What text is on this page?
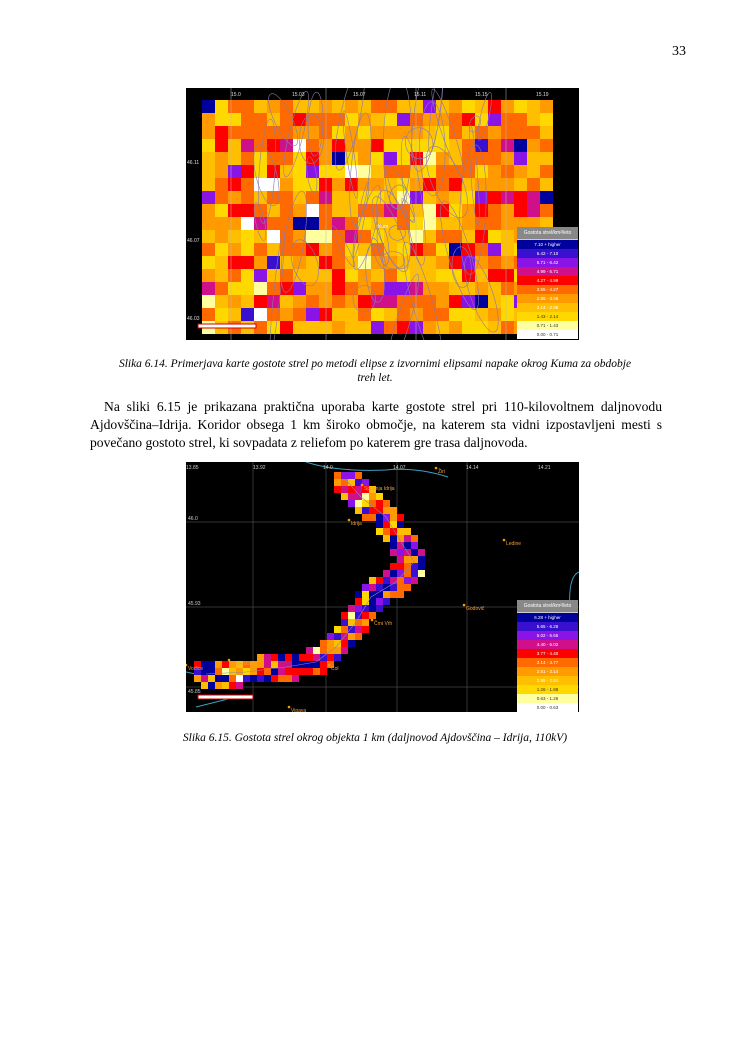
33
15.0	15.03	15.07	15.11	15.15	15.19
46.11
46.07
46.03
Kum
Gostota strel/km²/leto
7.10 + higher
6.42 - 7.10
5.71 - 6.42
4.99 - 5.71
4.27 - 4.99
3.55 - 4.27
2.85 - 3.55
2.14 - 2.85
1.43 - 2.14
0.71 - 1.43
0.00 - 0.71
Slika 6.14. Primerjava karte gostote strel po metodi elipse z izvornimi elipsami napake okrog Kuma za obdobje treh let.
Na sliki 6.15 je prikazana praktična uporaba karte gostote strel pri 110-kilovoltnem daljnovodu Ajdovščina–Idrija. Koridor obsega 1 km široko območje, na katerem sta vidni izpostavljeni mesti s povečano gostoto strel, ki sovpadata z reliefom po katerem gre trasa daljnovoda.
13.85	13.92	14.0	14.07	14.14	14.21
46.0
45.93
45.85
Žiri
Spodnja Idrija
Idrija
Ledine
Črni Vrh
Godovič
Col
Ajdovščina
Vipava
Vodice
Gostota strel/km²/leto
6.28 + higher
5.65 - 6.28
5.02 - 5.65
4.40 - 5.02
3.77 - 4.40
3.14 - 3.77
2.51 - 3.14
1.88 - 2.51
1.26 - 1.88
0.63 - 1.26
0.00 - 0.63
Slika 6.15. Gostota strel okrog objekta 1 km (daljnovod Ajdovščina – Idrija, 110kV)
